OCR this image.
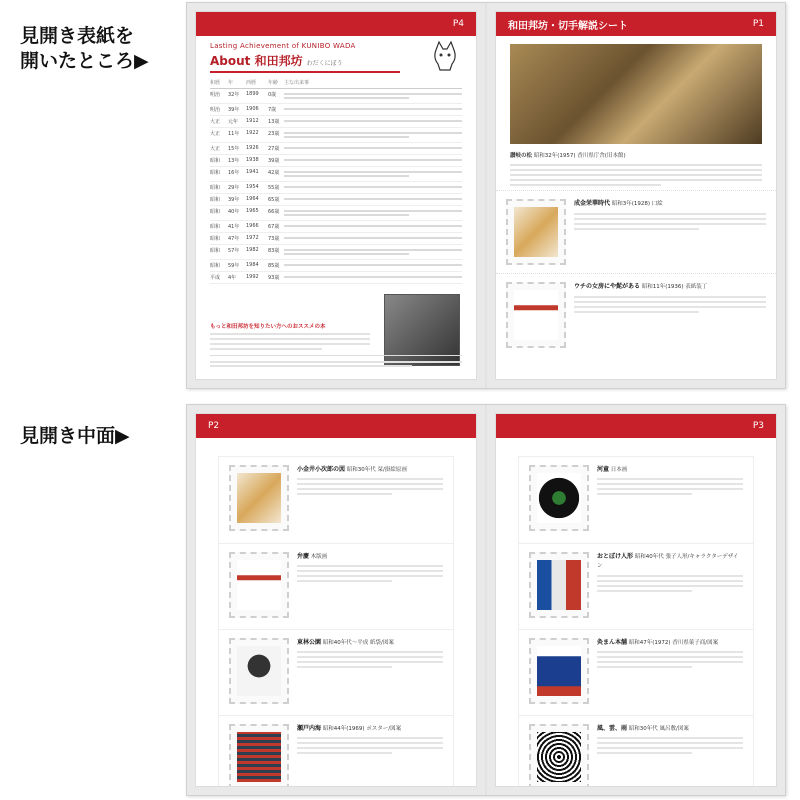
見開き表紙を
開いたところ▶
見開き中面▶
P4
Lasting Achievement of KUNIBO WADA
About 和田邦坊 わだくにぼう
和暦	年	西暦	年齢	主な出来事
明治	32年	1899	0歳
明治	39年	1906	7歳
大正	元年	1912	13歳
大正	11年	1922	23歳
大正	15年	1926	27歳
昭和	13年	1938	39歳
昭和	16年	1941	42歳
昭和	29年	1954	55歳
昭和	39年	1964	65歳
昭和	40年	1965	66歳
昭和	41年	1966	67歳
昭和	47年	1972	73歳
昭和	57年	1982	83歳
昭和	59年	1984	85歳
平成	4年	1992	93歳
もっと和田邦坊を知りたい方へのおススメの本
和田邦坊・切手解説シート	P1
讃岐の松 昭和32年(1957) 香川県庁舎(旧本館)
成金栄華時代 昭和3年(1928) 口絵
ウチの女房にや髭がある 昭和11年(1936) 表紙装丁
P2
小金井小次郎の図 昭和30年代 栞/掛絵原画
弁慶 木版画
東林公園 昭和40年代～平成 紙袋/図案
瀬戸内海 昭和44年(1969) ポスター/図案
P3
河童 日本画
おとぼけ人形 昭和40年代 張子人形/キャラクターデザイン
灸まん本舗 昭和47年(1972) 香川県菓子商/図案
風、雲、雨 昭和30年代 風呂敷/図案
